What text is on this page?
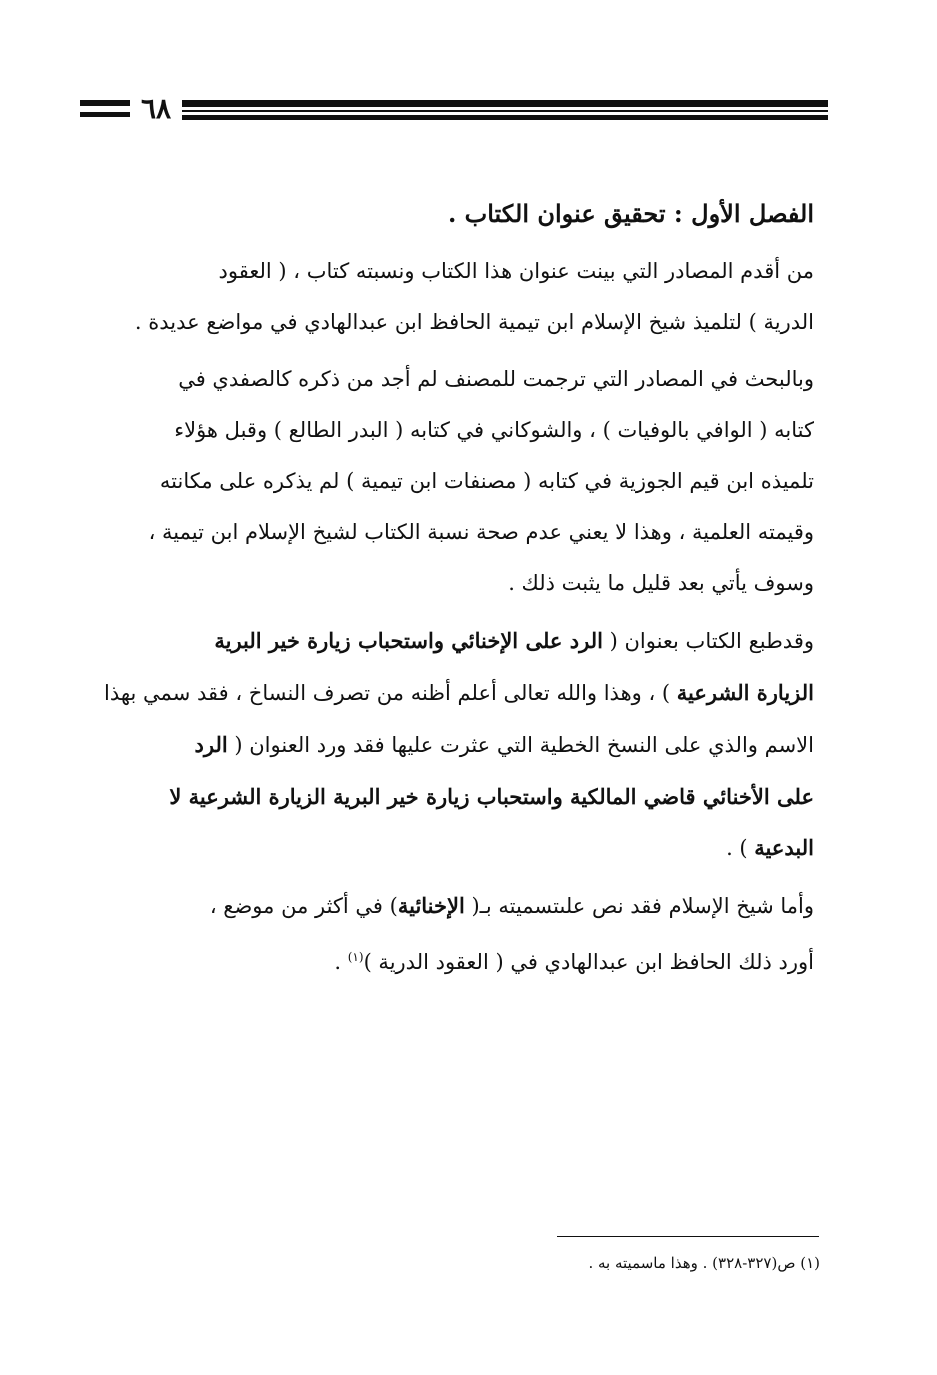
٦٨
الفصل الأول : تحقيق عنوان الكتاب .
من أقدم المصادر التي بينت عنوان هذا الكتاب ونسبته كتاب ، ( العقود
الدرية ) لتلميذ شيخ الإسلام ابن تيمية الحافظ ابن عبدالهادي في مواضع عديدة .
وبالبحث في المصادر التي ترجمت للمصنف لم أجد من ذكره كالصفدي في
كتابه ( الوافي بالوفيات ) ، والشوكاني في كتابه ( البدر الطالع ) وقبل هؤلاء
تلميذه ابن قيم الجوزية في كتابه ( مصنفات ابن تيمية ) لم يذكره على مكانته
وقيمته العلمية ، وهذا لا يعني عدم صحة نسبة الكتاب لشيخ الإسلام ابن تيمية ،
وسوف يأتي بعد قليل ما يثبت ذلك .
وقدطبع الكتاب بعنوان ( الرد على الإخنائي واستحباب زيارة خير البرية
الزيارة الشرعية ) ، وهذا والله تعالى أعلم أظنه من تصرف النساخ ، فقد سمي بهذا
الاسم والذي على النسخ الخطية التي عثرت عليها فقد ورد العنوان ( الرد
على الأخنائي قاضي المالكية واستحباب زيارة خير البرية الزيارة الشرعية لا
البدعية ) .
وأما شيخ الإسلام فقد نص علىتسميته بـ( الإخنائية) في أكثر من موضع ،
أورد ذلك الحافظ ابن عبدالهادي في ( العقود الدرية )$^{(١)}$ .
(١) ص(٣٢٧-٣٢٨) . وهذا ماسميته به .
